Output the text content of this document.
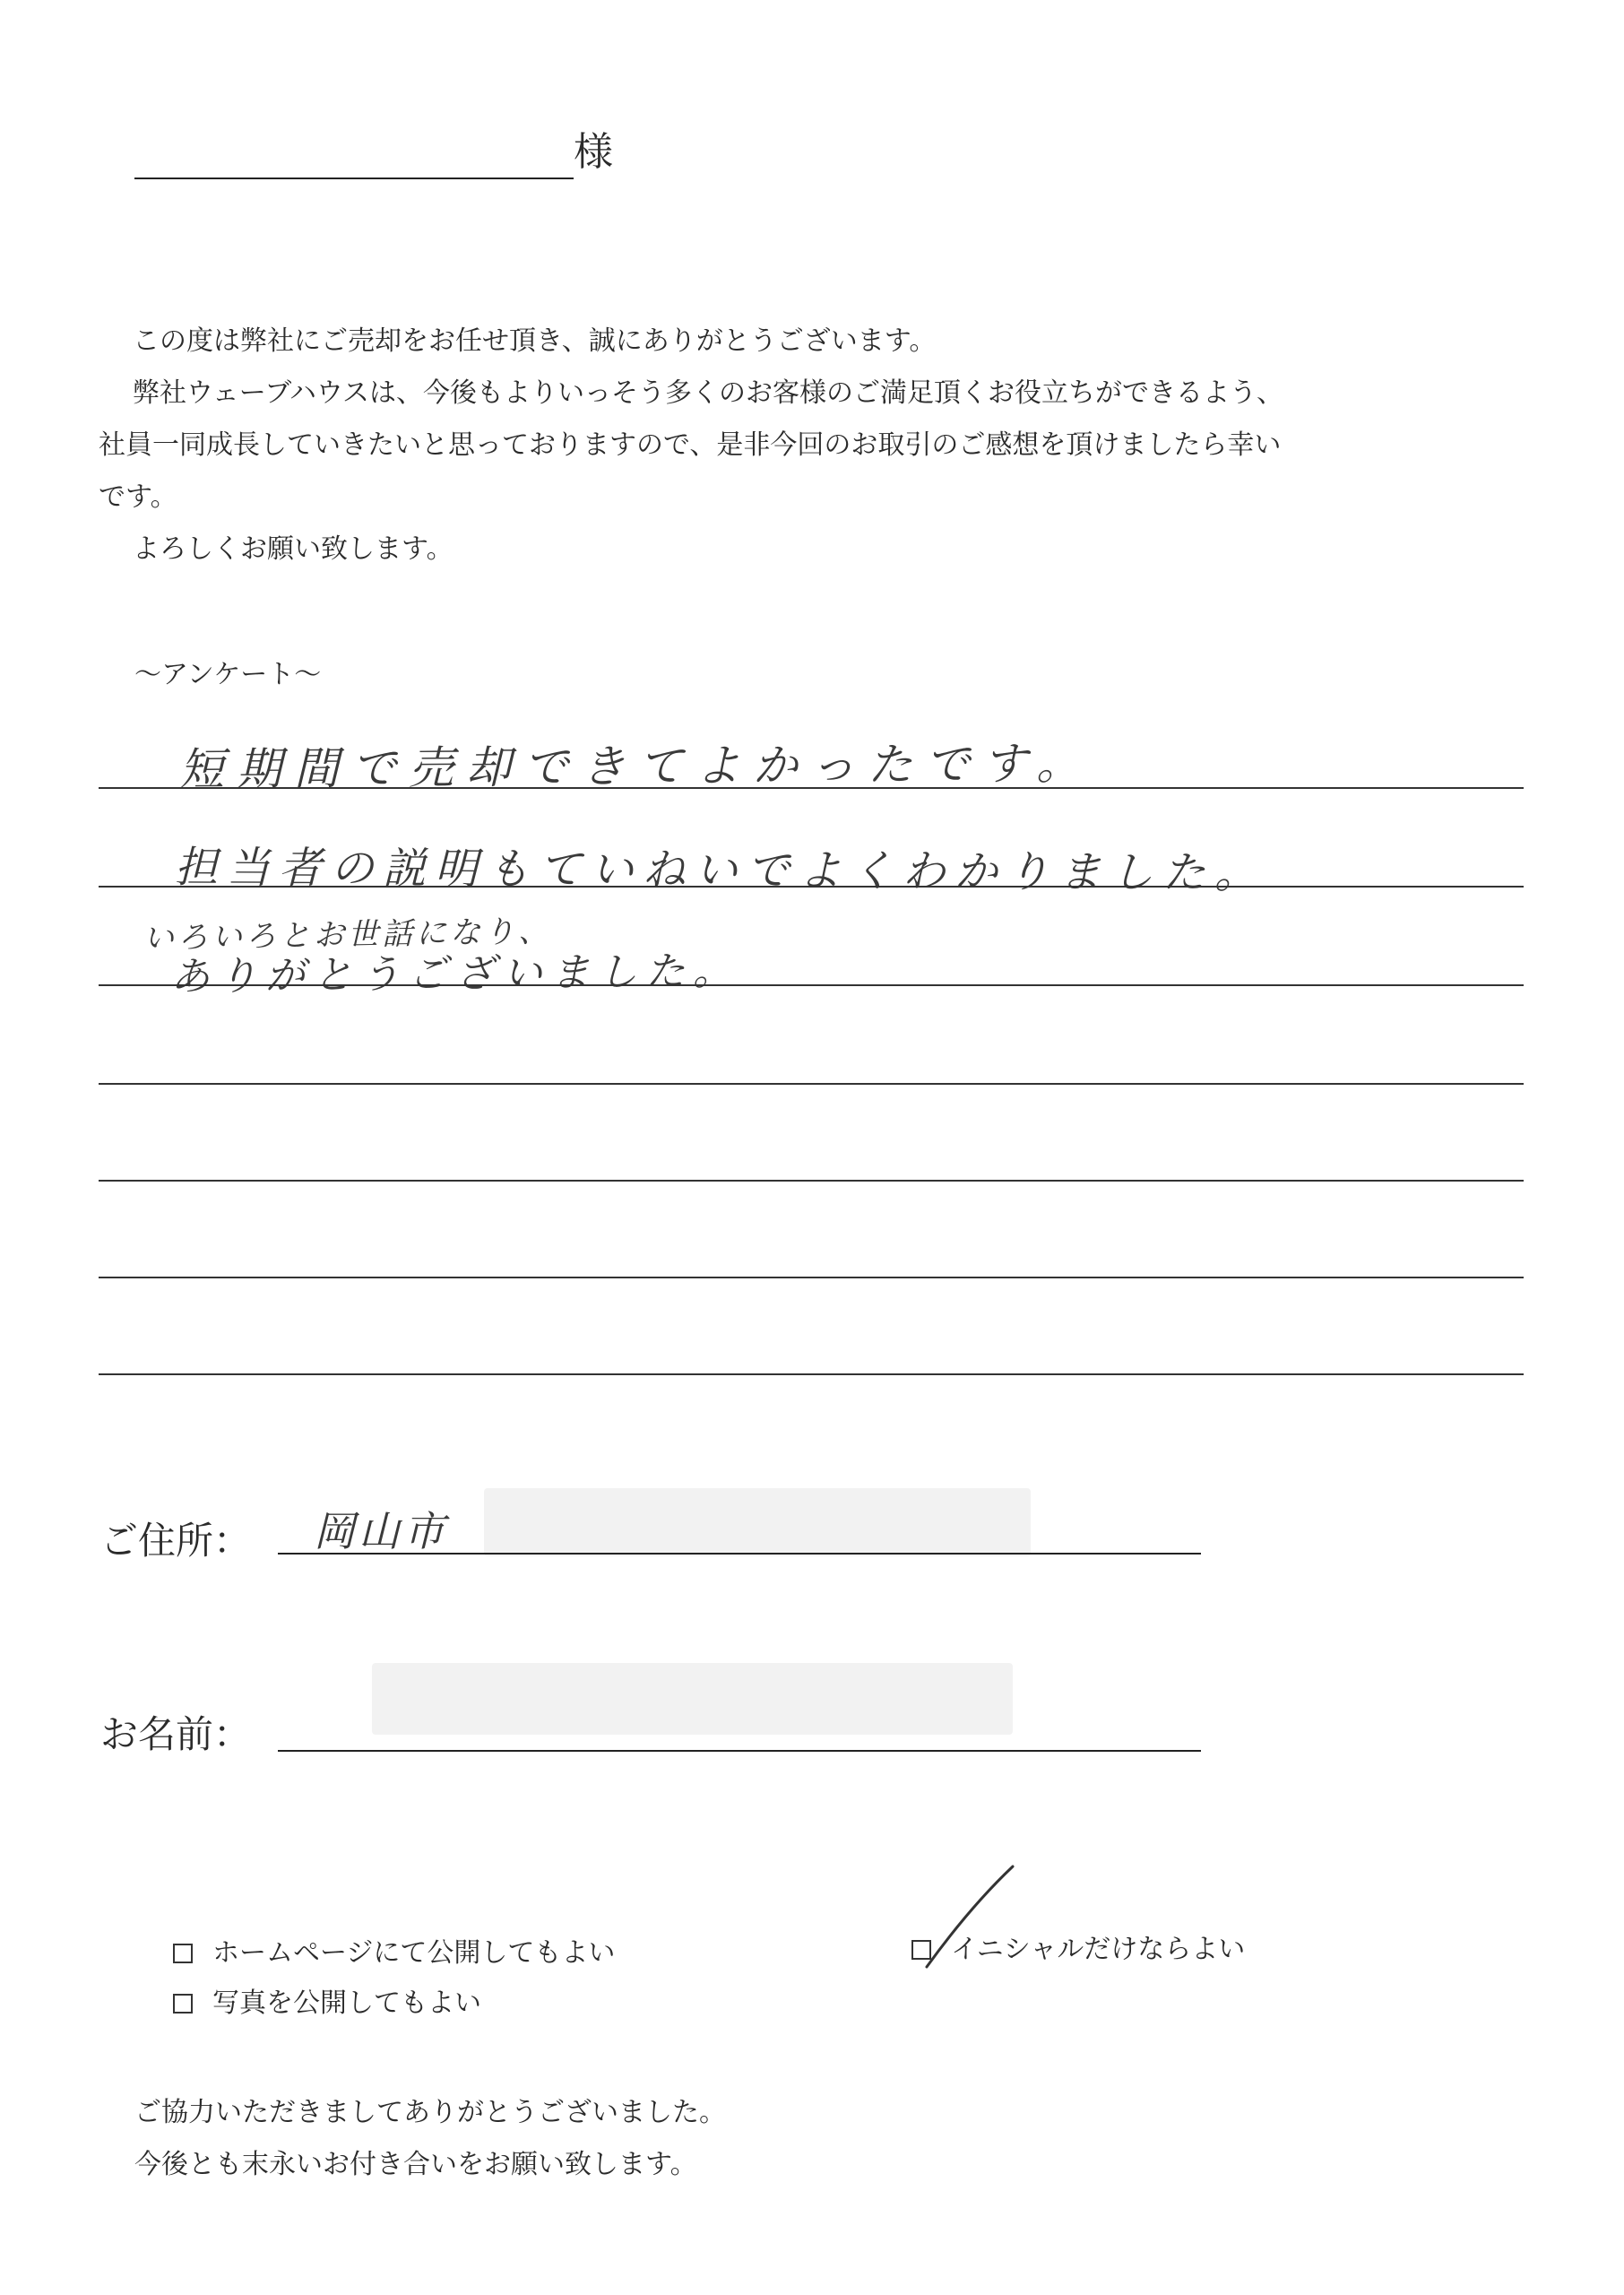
様

この度は弊社にご売却をお任せ頂き、誠にありがとうございます。

弊社ウェーブハウスは、今後もよりいっそう多くのお客様のご満足頂くお役立ちができるよう、

社員一同成長していきたいと思っておりますので、是非今回のお取引のご感想を頂けましたら幸い

です。

よろしくお願い致します。

～アンケート～
短期間で売却できてよかったです。
担当者の説明もていねいでよくわかりました。
いろいろとお世話になり、
ありがとうございました。
ご住所： 岡山市
お名前：
ホームページにて公開してもよい
写真を公開してもよい
イニシャルだけならよい

ご協力いただきましてありがとうございました。

今後とも末永いお付き合いをお願い致します。
